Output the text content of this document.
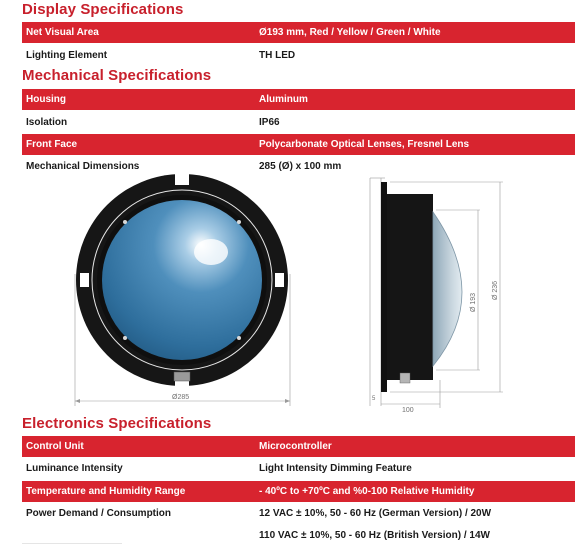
Display Specifications
Net Visual Area	Ø193 mm, Red / Yellow / Green / White
Lighting Element	TH LED
Mechanical Specifications
Housing	Aluminum
Isolation	IP66
Front Face	Polycarbonate Optical Lenses, Fresnel Lens
Mechanical Dimensions	285 (Ø) x 100 mm
Ø285
Ø 193
Ø 236
100
5
Electronics Specifications
Control Unit	Microcontroller
Luminance Intensity	Light Intensity Dimming Feature
Temperature and Humidity Range	- 40ºC to +70ºC and %0-100 Relative Humidity
Power Demand / Consumption	12 VAC ± 10%, 50 - 60 Hz (German Version) / 20W
110 VAC ± 10%, 50 - 60 Hz (British Version) / 14W
